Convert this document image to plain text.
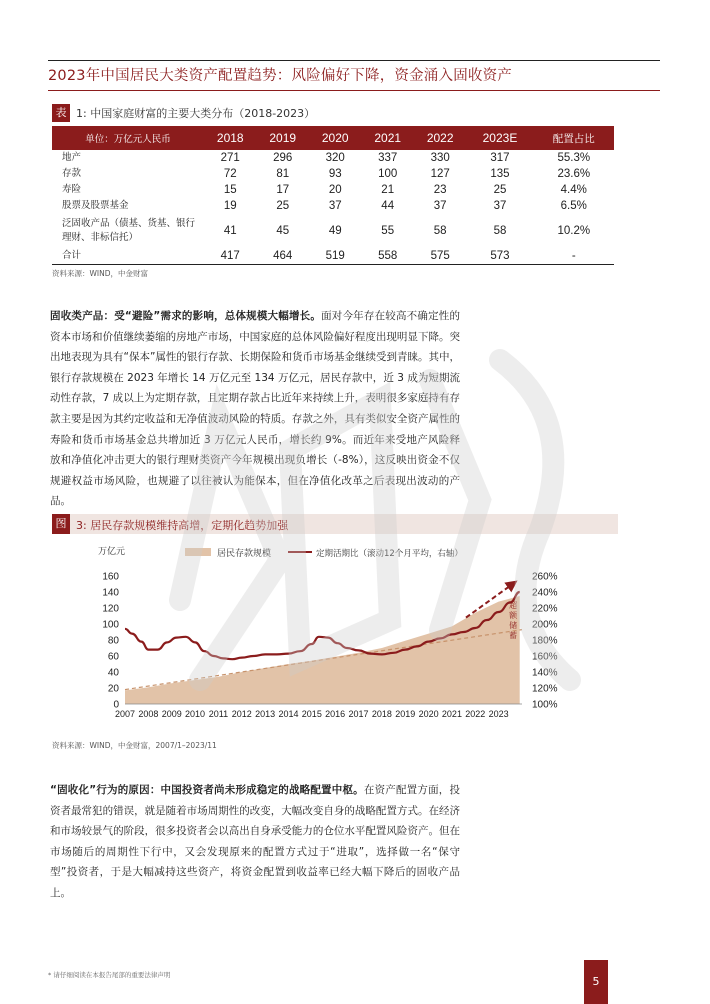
2023年中国居民大类资产配置趋势：风险偏好下降，资金涌入固收资产
表 1: 中国家庭财富的主要大类分布（2018-2023）
单位：万亿元人民币	2018	2019	2020	2021	2022	2023E	配置占比
地产	271	296	320	337	330	317	55.3%
存款	72	81	93	100	127	135	23.6%
寿险	15	17	20	21	23	25	4.4%
股票及股票基金	19	25	37	44	37	37	6.5%
泛固收产品（债基、货基、银行理财、非标信托）	41	45	49	55	58	58	10.2%
合计	417	464	519	558	575	573	-
资料来源：WIND，中金财富
固收类产品：受“避险”需求的影响，总体规模大幅增长。面对今年存在较高不确定性的资本市场和价值继续萎缩的房地产市场，中国家庭的总体风险偏好程度出现明显下降。突出地表现为具有“保本”属性的银行存款、长期保险和货币市场基金继续受到青睐。其中，银行存款规模在 2023 年增长 14 万亿元至 134 万亿元，居民存款中，近 3 成为短期流动性存款，7 成以上为定期存款，且定期存款占比近年来持续上升，表明很多家庭持有存款主要是因为其约定收益和无净值波动风险的特质。存款之外，具有类似安全资产属性的寿险和货币市场基金总共增加近 3 万亿元人民币，增长约 9%。而近年来受地产风险释放和净值化冲击更大的银行理财类资产今年规模出现负增长（-8%），这反映出资金不仅规避权益市场风险，也规避了以往被认为能保本，但在净值化改革之后表现出波动的产品。
图 3: 居民存款规模维持高增，定期化趋势加强
居民存款规模	定期活期比（滚动12个月平均，右轴）
万亿元
0
20
40
60
80
100
120
140
160
100%
120%
140%
160%
180%
200%
220%
240%
260%
2007 2008 2009 2010 2011 2012 2013 2014 2015 2016 2017 2018 2019 2020 2021 2022 2023
超
额
储
蓄
资料来源：WIND，中金财富，2007/1–2023/11
“固收化”行为的原因：中国投资者尚未形成稳定的战略配置中枢。在资产配置方面，投资者最常犯的错误，就是随着市场周期性的改变，大幅改变自身的战略配置方式。在经济和市场较景气的阶段，很多投资者会以高出自身承受能力的仓位水平配置风险资产。但在市场随后的周期性下行中，又会发现原来的配置方式过于“进取”，选择做一名“保守型”投资者，于是大幅减持这些资产，将资金配置到收益率已经大幅下降后的固收产品上。
* 请仔细阅读在本报告尾部的重要法律声明	5
